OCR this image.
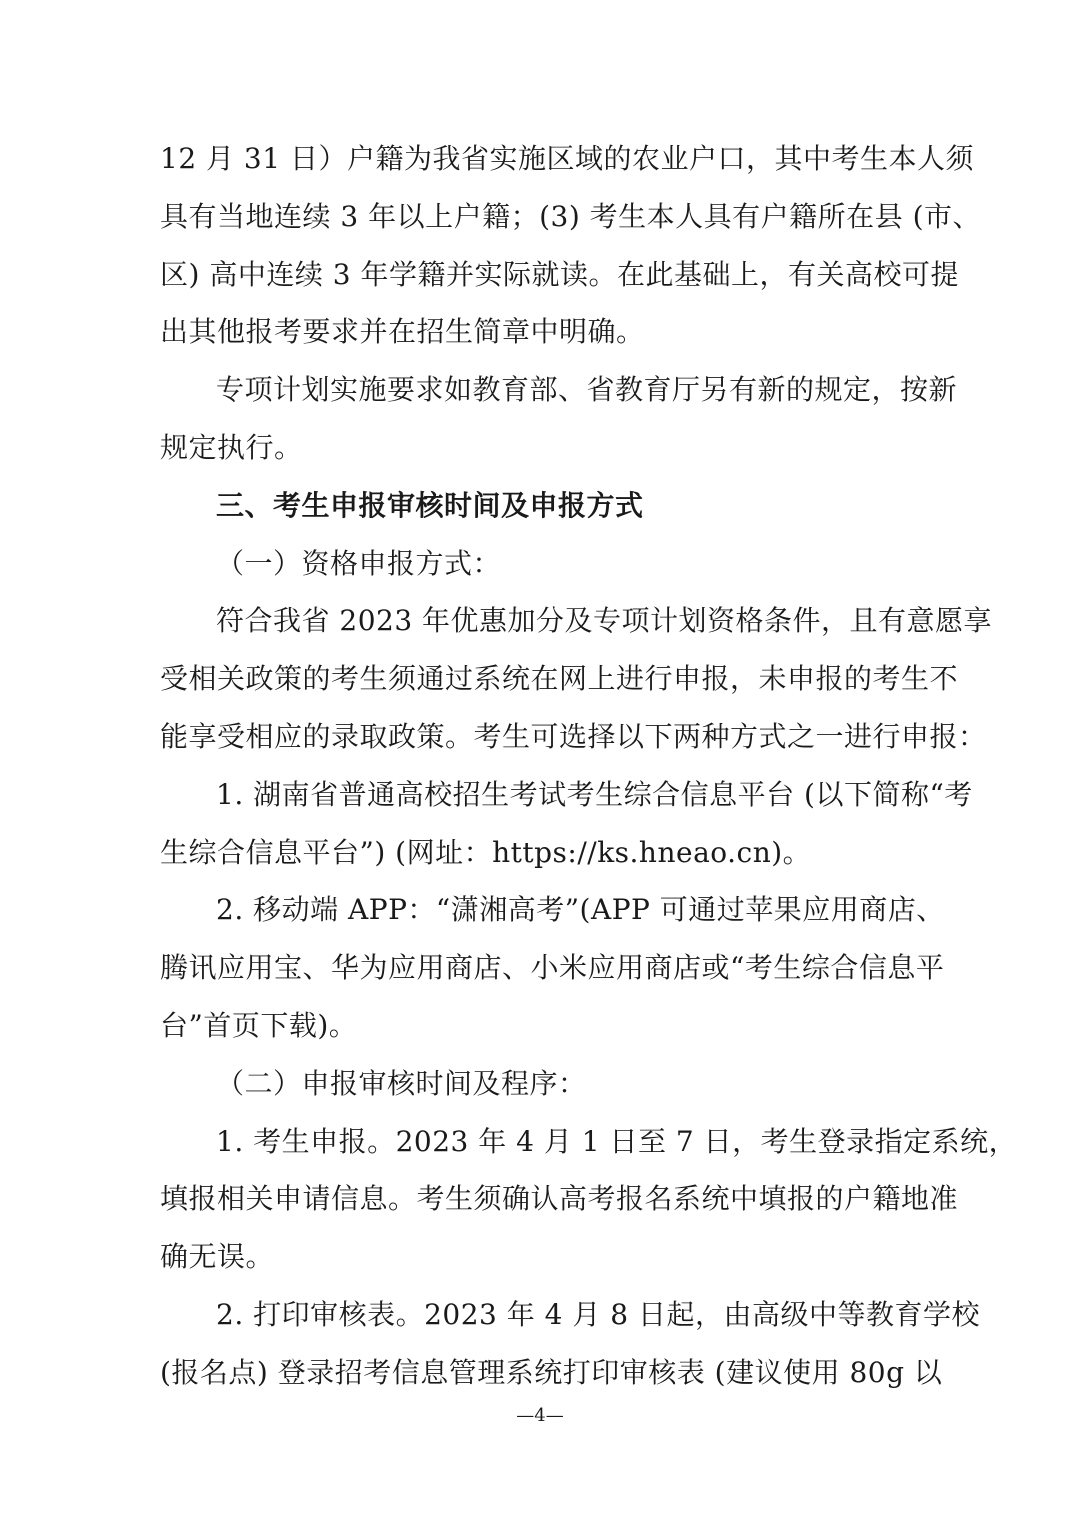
12 月 31 日）户籍为我省实施区域的农业户口，其中考生本人须
具有当地连续 3 年以上户籍；(3) 考生本人具有户籍所在县 (市、
区) 高中连续 3 年学籍并实际就读。在此基础上，有关高校可提
出其他报考要求并在招生简章中明确。
专项计划实施要求如教育部、省教育厅另有新的规定，按新
规定执行。
三、考生申报审核时间及申报方式
（一）资格申报方式：
符合我省 2023 年优惠加分及专项计划资格条件，且有意愿享
受相关政策的考生须通过系统在网上进行申报，未申报的考生不
能享受相应的录取政策。考生可选择以下两种方式之一进行申报：
1. 湖南省普通高校招生考试考生综合信息平台 (以下简称“考
生综合信息平台”) (网址：https://ks.hneao.cn)。
2. 移动端 APP：“潇湘高考”(APP 可通过苹果应用商店、
腾讯应用宝、华为应用商店、小米应用商店或“考生综合信息平
台”首页下载)。
（二）申报审核时间及程序：
1. 考生申报。2023 年 4 月 1 日至 7 日，考生登录指定系统，
填报相关申请信息。考生须确认高考报名系统中填报的户籍地准
确无误。
2. 打印审核表。2023 年 4 月 8 日起，由高级中等教育学校
(报名点) 登录招考信息管理系统打印审核表 (建议使用 80g 以
—4—
